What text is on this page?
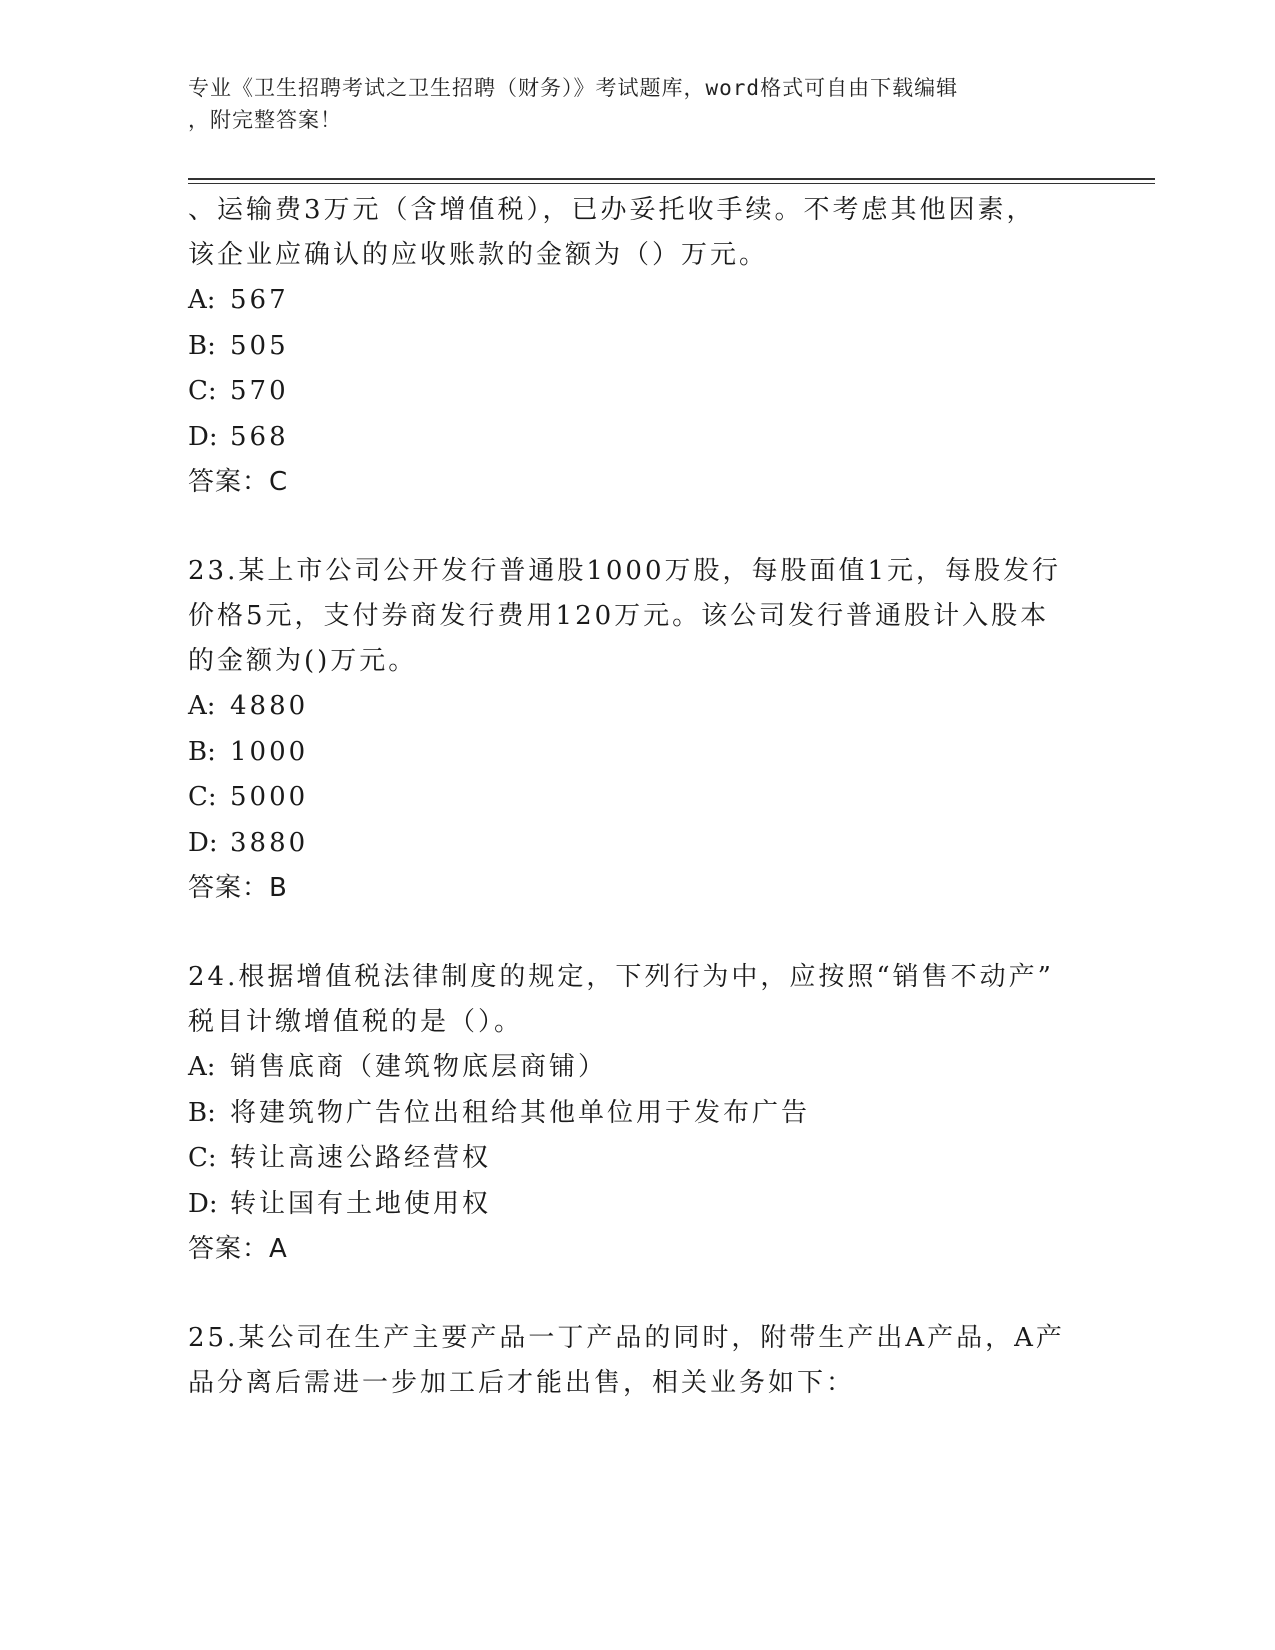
专业《卫生招聘考试之卫生招聘（财务）》考试题库，word格式可自由下载编辑
，附完整答案！
、运输费3万元（含增值税），已办妥托收手续。不考虑其他因素，
该企业应确认的应收账款的金额为（）万元。
A: 567
B: 505
C: 570
D: 568
答案：C
23.某上市公司公开发行普通股1000万股，每股面值1元，每股发行
价格5元，支付券商发行费用120万元。该公司发行普通股计入股本
的金额为()万元。
A: 4880
B: 1000
C: 5000
D: 3880
答案：B
24.根据增值税法律制度的规定，下列行为中，应按照“销售不动产”
税目计缴增值税的是（）。
A: 销售底商（建筑物底层商铺）
B: 将建筑物广告位出租给其他单位用于发布广告
C: 转让高速公路经营权
D: 转让国有土地使用权
答案：A
25.某公司在生产主要产品一丁产品的同时，附带生产出A产品，A产
品分离后需进一步加工后才能出售，相关业务如下：
